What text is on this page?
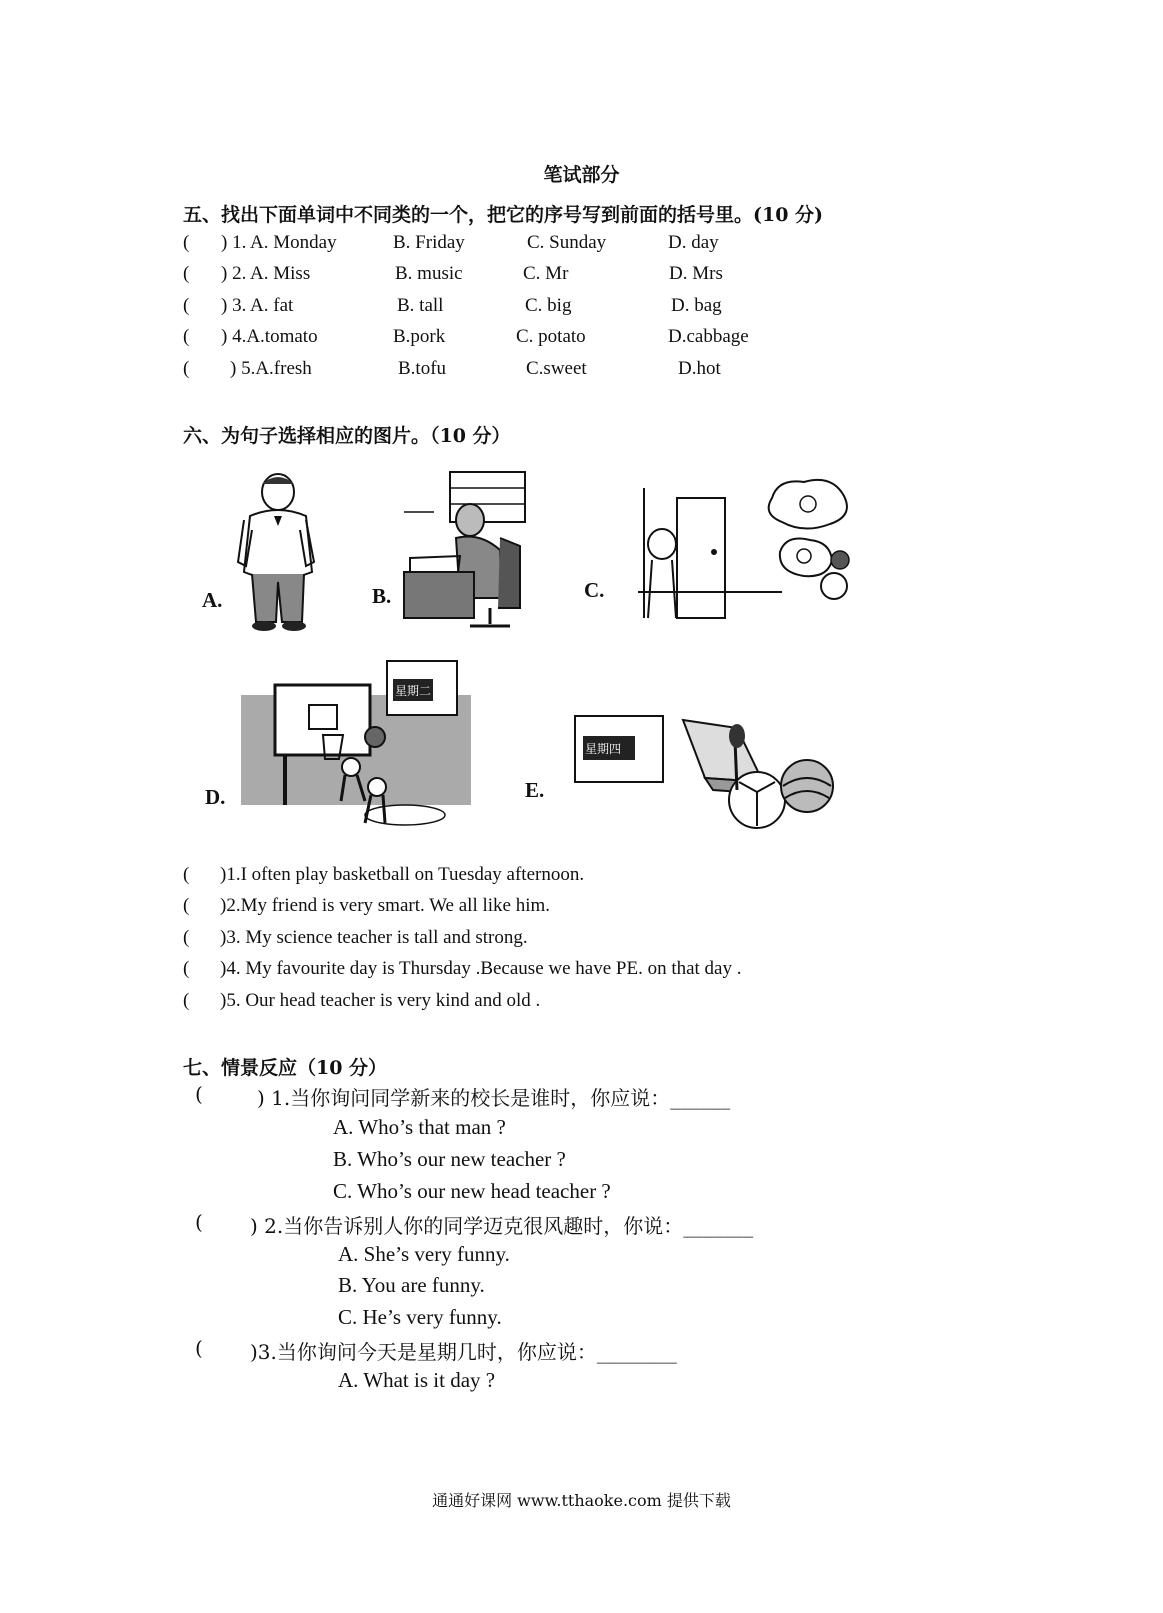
笔试部分
五、找出下面单词中不同类的一个，把它的序号写到前面的括号里。(10 分)
( ) 1. A. Monday	B. Friday	C. Sunday	D. day
( ) 2. A. Miss	B. music	C. Mr	D. Mrs
( ) 3. A. fat	B. tall	C. big	D. bag
( ) 4.A.tomato	B.pork	C. potato	D.cabbage
( ) 5.A.fresh	B.tofu	C.sweet	D.hot
六、为句子选择相应的图片。（10 分）
A.	B.	C.
D.
星期二
E.
星期四
( )1.I often play basketball on Tuesday afternoon.
( )2.My friend is very smart. We all like him.
( )3. My science teacher is tall and strong.
( )4. My favourite day is Thursday .Because we have PE. on that day .
( )5. Our head teacher is very kind and old .
七、情景反应（10 分）
(	) 1.当你询问同学新来的校长是谁时，你应说：______
A. Who’s that man ?
B. Who’s our new teacher ?
C. Who’s our new head teacher ?
( ) 2.当你告诉别人你的同学迈克很风趣时，你说：_______
A. She’s very funny.
B. You are funny.
C. He’s very funny.
( )3.当你询问今天是星期几时，你应说：________
A. What is it day ?
通通好课网 www.tthaoke.com 提供下载
